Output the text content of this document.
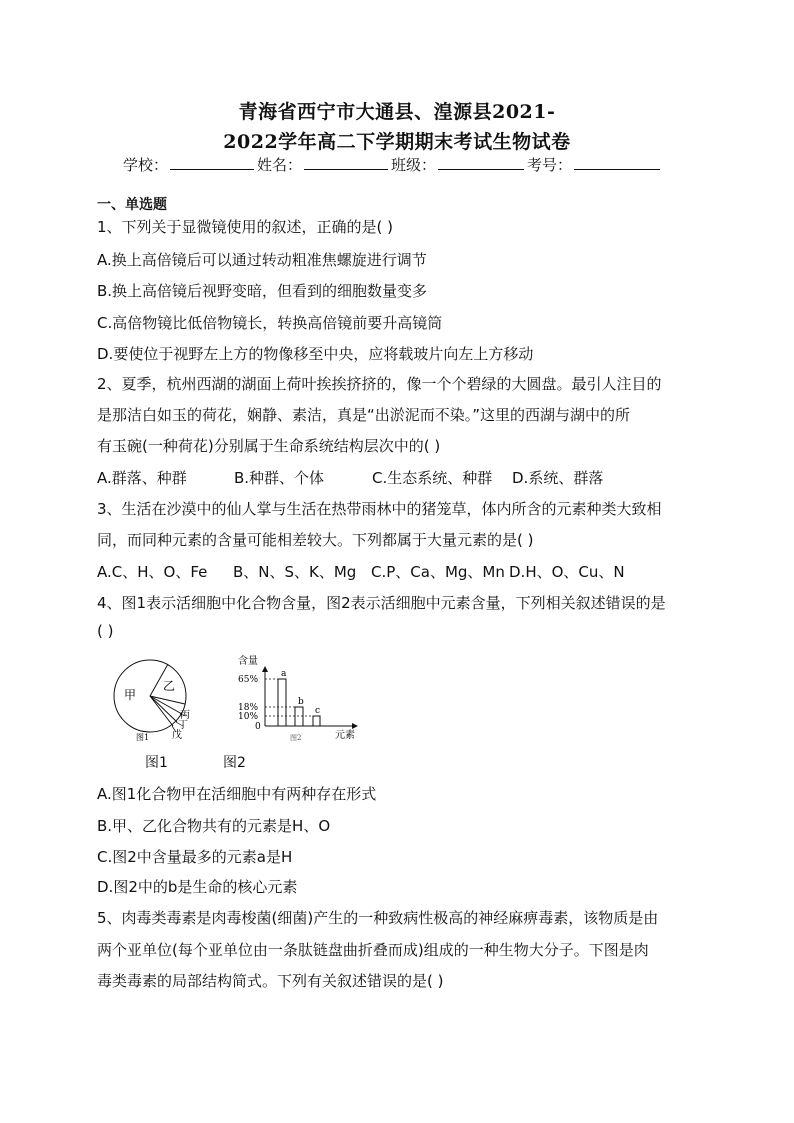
青海省西宁市大通县、湟源县2021-
2022学年高二下学期期末考试生物试卷
学校：	姓名：	班级：	考号：
一、单选题
1、下列关于显微镜使用的叙述，正确的是( )
A.换上高倍镜后可以通过转动粗准焦螺旋进行调节
B.换上高倍镜后视野变暗，但看到的细胞数量变多
C.高倍物镜比低倍物镜长，转换高倍镜前要升高镜筒
D.要使位于视野左上方的物像移至中央，应将载玻片向左上方移动
2、夏季，杭州西湖的湖面上荷叶挨挨挤挤的，像一个个碧绿的大圆盘。最引人注目的
是那洁白如玉的荷花，娴静、素洁，真是“出淤泥而不染。”这里的西湖与湖中的所
有玉碗(一种荷花)分别属于生命系统结构层次中的( )
A.群落、种群	B.种群、个体	C.生态系统、种群	D.系统、群落
3、生活在沙漠中的仙人掌与生活在热带雨林中的猪笼草，体内所含的元素种类大致相
同，而同种元素的含量可能相差较大。下列都属于大量元素的是( )
A.C、H、O、Fe	B、N、S、K、Mg C.P、Ca、Mg、Mn D.H、O、Cu、N
4、图1表示活细胞中化合物含量，图2表示活细胞中元素含量，下列相关叙述错误的是
( )
甲
乙
丙
丁
戊
图1
含量
65%
18%
10%
0
a
b
c
元素
图2
图1	图2
A.图1化合物甲在活细胞中有两种存在形式
B.甲、乙化合物共有的元素是H、O
C.图2中含量最多的元素a是H
D.图2中的b是生命的核心元素
5、肉毒类毒素是肉毒梭菌(细菌)产生的一种致病性极高的神经麻痹毒素，该物质是由
两个亚单位(每个亚单位由一条肽链盘曲折叠而成)组成的一种生物大分子。下图是肉
毒类毒素的局部结构简式。下列有关叙述错误的是( )
